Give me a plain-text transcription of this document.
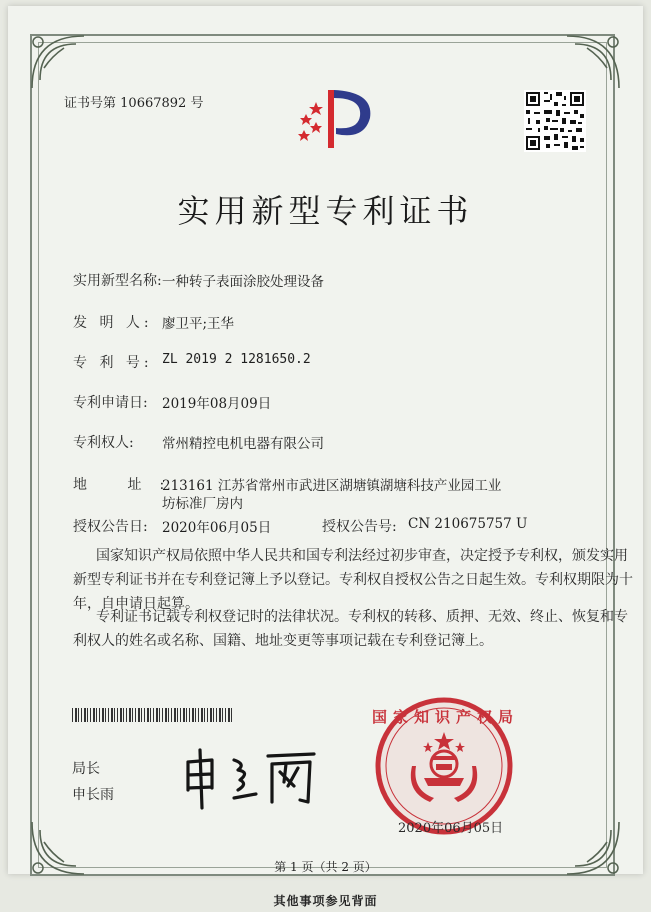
证书号第 10667892 号
实用新型专利证书
实用新型名称: 一种转子表面涂胶处理设备
发 明 人: 廖卫平;王华
专 利 号: ZL 2019 2 1281650.2
专利申请日: 2019年08月09日
专利权人: 常州精控电机电器有限公司
地 址:
213161 江苏省常州市武进区湖塘镇湖塘科技产业园工业
坊标准厂房内
授权公告日: 2020年06月05日	授权公告号: CN 210675757 U
国家知识产权局依照中华人民共和国专利法经过初步审查，决定授予专利权，颁发实用
新型专利证书并在专利登记簿上予以登记。专利权自授权公告之日起生效。专利权期限为十
年，自申请日起算。
专利证书记载专利权登记时的法律状况。专利权的转移、质押、无效、终止、恢复和专
利权人的姓名或名称、国籍、地址变更等事项记载在专利登记簿上。
局长
申长雨
国家知识产权局
2020年06月05日
第 1 页（共 2 页）
其他事项参见背面
